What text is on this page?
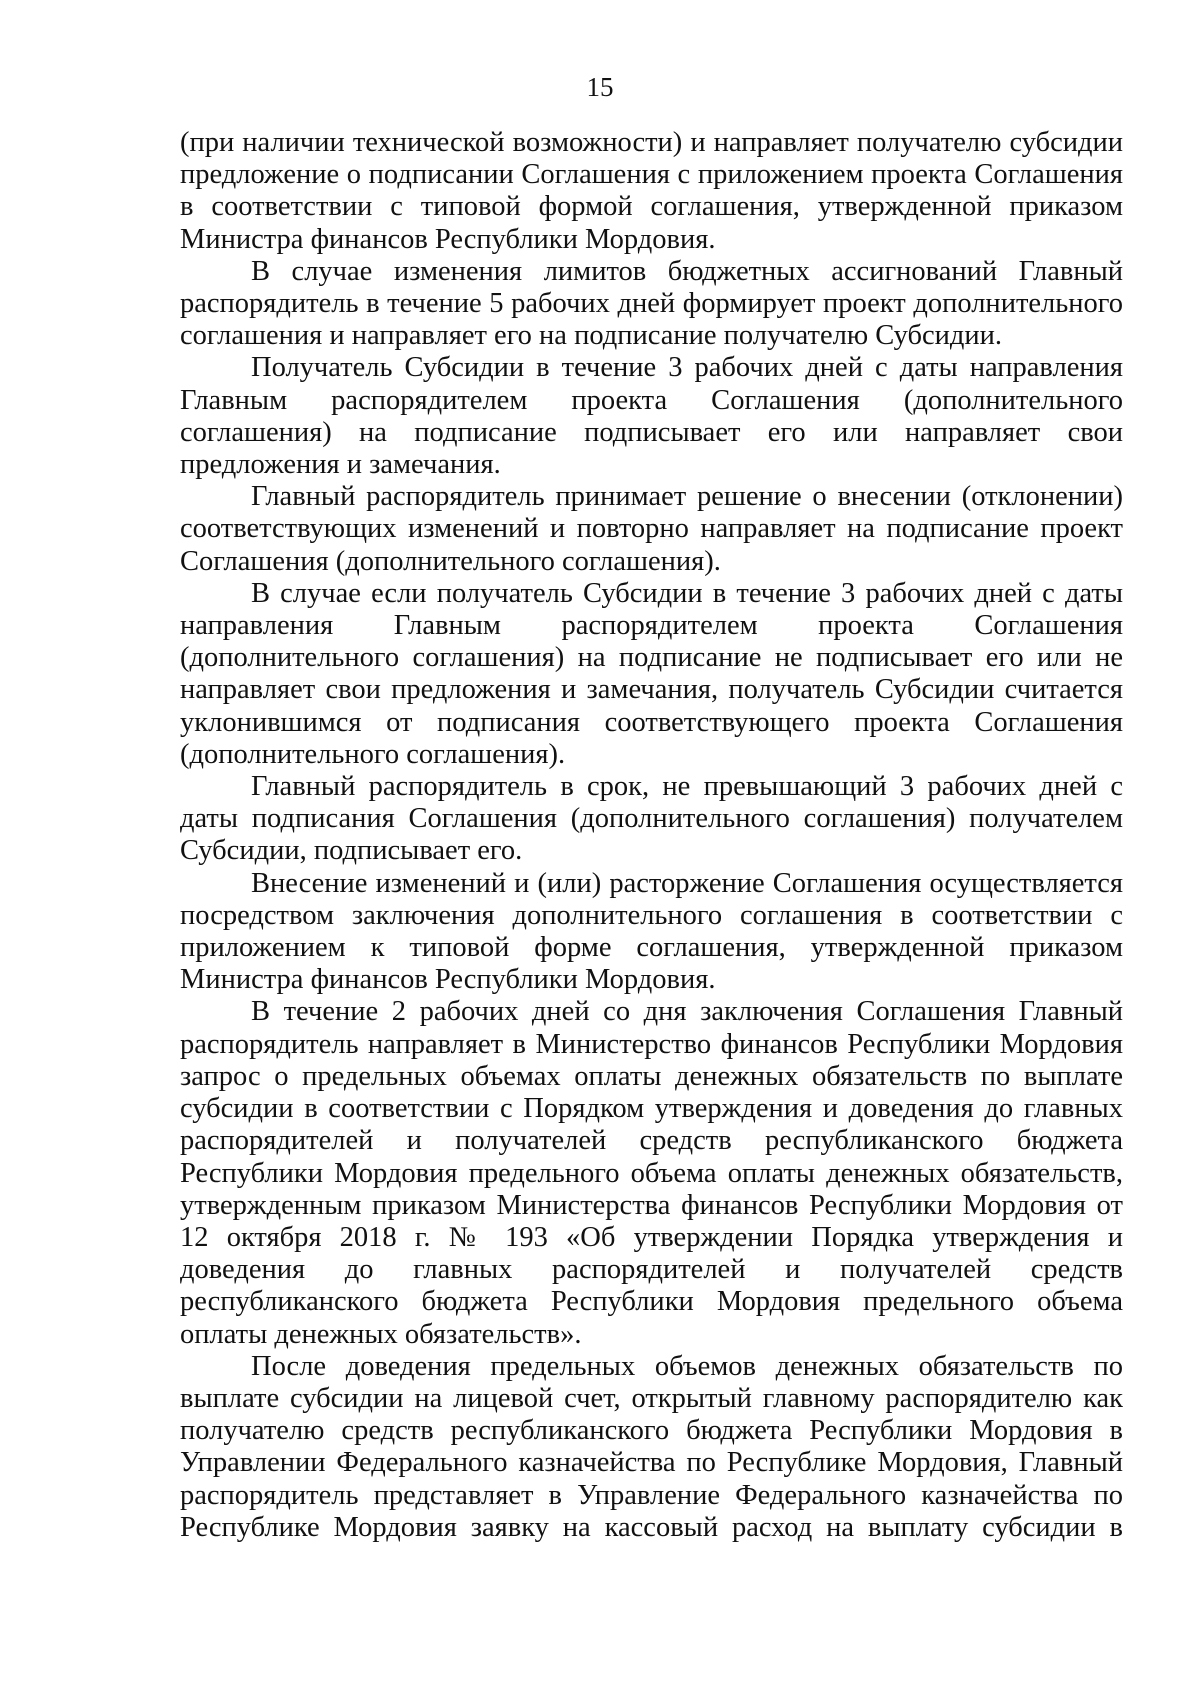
15
(при наличии технической возможности) и направляет получателю субсидии
предложение о подписании Соглашения с приложением проекта Соглашения
в соответствии с типовой формой соглашения, утвержденной приказом
Министра финансов Республики Мордовия.
В случае изменения лимитов бюджетных ассигнований Главный
распорядитель в течение 5 рабочих дней формирует проект дополнительного
соглашения и направляет его на подписание получателю Субсидии.
Получатель Субсидии в течение 3 рабочих дней с даты направления
Главным распорядителем проекта Соглашения (дополнительного
соглашения) на подписание подписывает его или направляет свои
предложения и замечания.
Главный распорядитель принимает решение о внесении (отклонении)
соответствующих изменений и повторно направляет на подписание проект
Соглашения (дополнительного соглашения).
В случае если получатель Субсидии в течение 3 рабочих дней с даты
направления Главным распорядителем проекта Соглашения
(дополнительного соглашения) на подписание не подписывает его или не
направляет свои предложения и замечания, получатель Субсидии считается
уклонившимся от подписания соответствующего проекта Соглашения
(дополнительного соглашения).
Главный распорядитель в срок, не превышающий 3 рабочих дней с
даты подписания Соглашения (дополнительного соглашения) получателем
Субсидии, подписывает его.
Внесение изменений и (или) расторжение Соглашения осуществляется
посредством заключения дополнительного соглашения в соответствии с
приложением к типовой форме соглашения, утвержденной приказом
Министра финансов Республики Мордовия.
В течение 2 рабочих дней со дня заключения Соглашения Главный
распорядитель направляет в Министерство финансов Республики Мордовия
запрос о предельных объемах оплаты денежных обязательств по выплате
субсидии в соответствии с Порядком утверждения и доведения до главных
распорядителей и получателей средств республиканского бюджета
Республики Мордовия предельного объема оплаты денежных обязательств,
утвержденным приказом Министерства финансов Республики Мордовия от
12 октября 2018 г. № 193 «Об утверждении Порядка утверждения и
доведения до главных распорядителей и получателей средств
республиканского бюджета Республики Мордовия предельного объема
оплаты денежных обязательств».
После доведения предельных объемов денежных обязательств по
выплате субсидии на лицевой счет, открытый главному распорядителю как
получателю средств республиканского бюджета Республики Мордовия в
Управлении Федерального казначейства по Республике Мордовия, Главный
распорядитель представляет в Управление Федерального казначейства по
Республике Мордовия заявку на кассовый расход на выплату субсидии в
